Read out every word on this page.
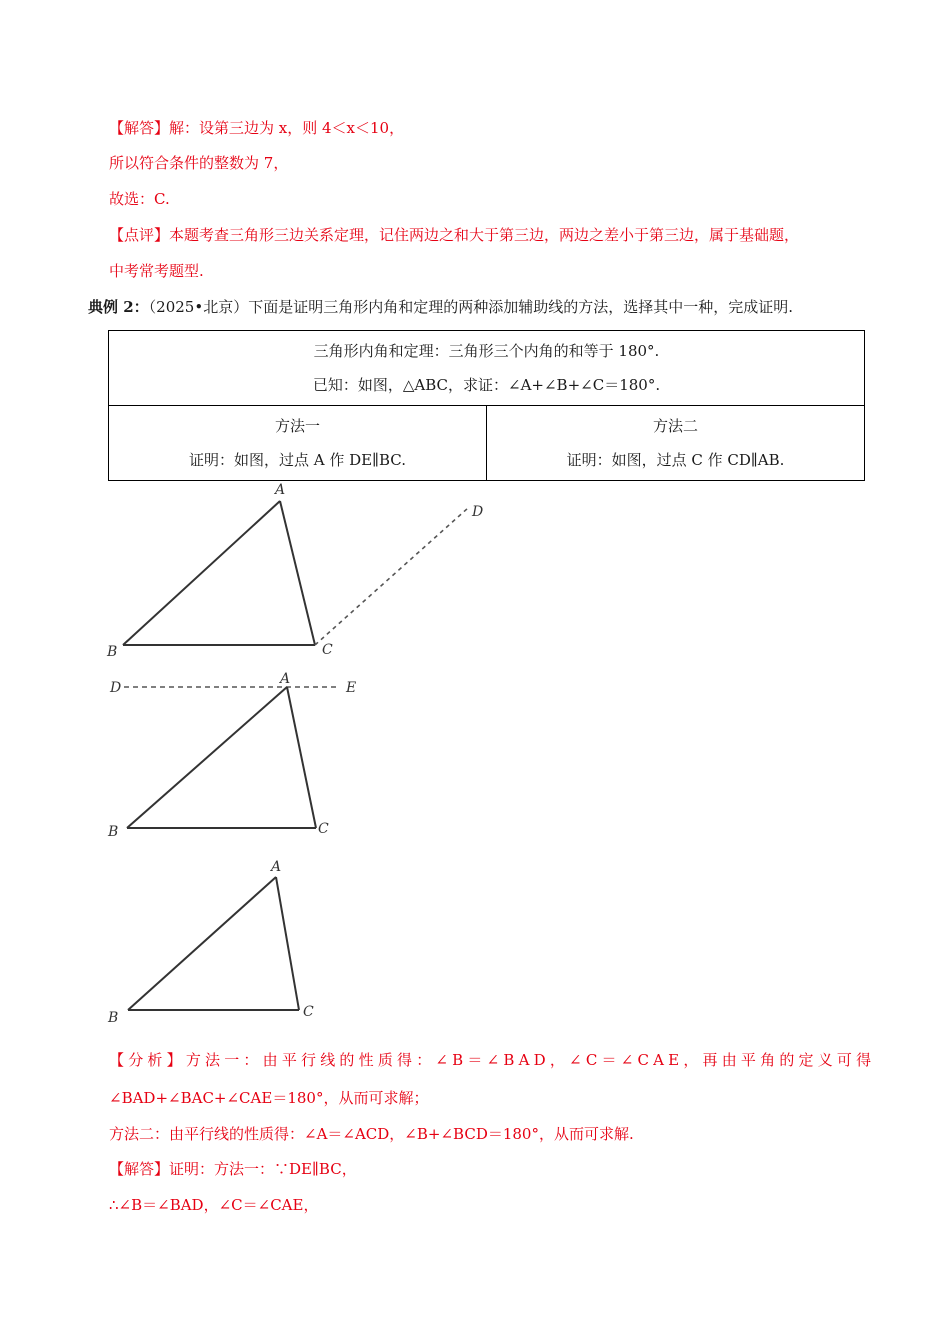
【解答】解：设第三边为 x，则 4＜x＜10，
所以符合条件的整数为 7，
故选：C.
【点评】本题考查三角形三边关系定理，记住两边之和大于第三边，两边之差小于第三边，属于基础题，
中考常考题型.
典例 2：（2025•北京）下面是证明三角形内角和定理的两种添加辅助线的方法，选择其中一种，完成证明.
三角形内角和定理：三角形三个内角的和等于 180°.
已知：如图，△ABC，求证：∠A+∠B+∠C＝180°.

方法一
证明：如图，过点 A 作 DE∥BC.

方法二
证明：如图，过点 C 作 CD∥AB.
A
B	C
D
D
A
E
B	C
A
B	C
【分析】方法一：由平行线的性质得：∠B＝∠BAD，∠C＝∠CAE，再由平角的定义可得
∠BAD+∠BAC+∠CAE＝180°，从而可求解；
方法二：由平行线的性质得：∠A＝∠ACD，∠B+∠BCD＝180°，从而可求解.
【解答】证明：方法一：∵DE∥BC，
∴∠B＝∠BAD，∠C＝∠CAE，
